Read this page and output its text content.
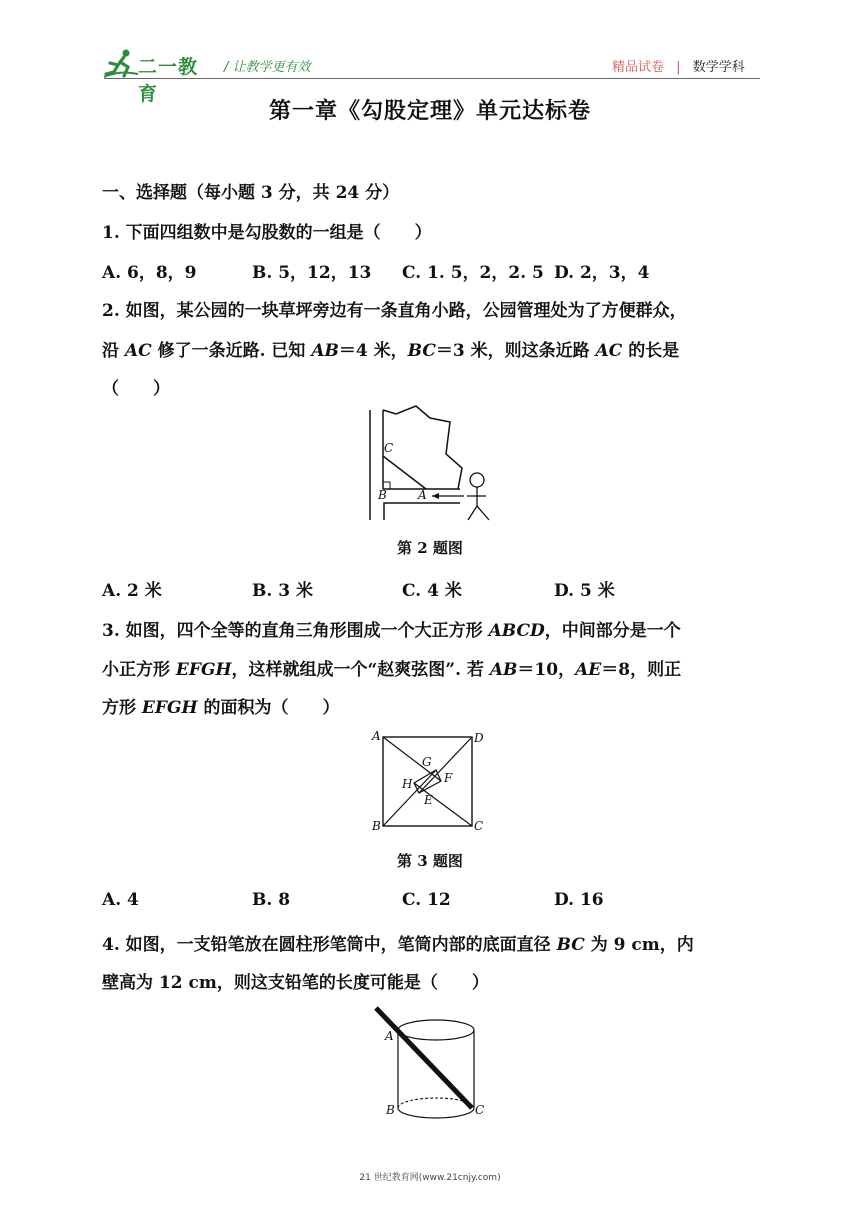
二一教育
/ 让教学更有效	精品试卷 | 数学学科
第一章《勾股定理》单元达标卷
一、选择题（每小题 3 分，共 24 分）
1. 下面四组数中是勾股数的一组是（　　）
A. 6，8，9	B. 5，12，13 C. 1. 5，2，2. 5 D. 2，3，4
2. 如图，某公园的一块草坪旁边有一条直角小路，公园管理处为了方便群众，
沿 AC 修了一条近路. 已知 AB＝4 米，BC＝3 米，则这条近路 AC 的长是
（　　）
C
B	A
第 2 题图
A. 2 米	B. 3 米	C. 4 米	D. 5 米
3. 如图，四个全等的直角三角形围成一个大正方形 ABCD，中间部分是一个
小正方形 EFGH，这样就组成一个“赵爽弦图”. 若 AB＝10，AE＝8，则正
方形 EFGH 的面积为（　　）
A	D
B	C
G
F
H
E
第 3 题图
A. 4	B. 8	C. 12	D. 16
4. 如图，一支铅笔放在圆柱形笔筒中，笔筒内部的底面直径 BC 为 9 cm，内
壁高为 12 cm，则这支铅笔的长度可能是（　　）
A
B	C
21 世纪教育网(www.21cnjy.com)
